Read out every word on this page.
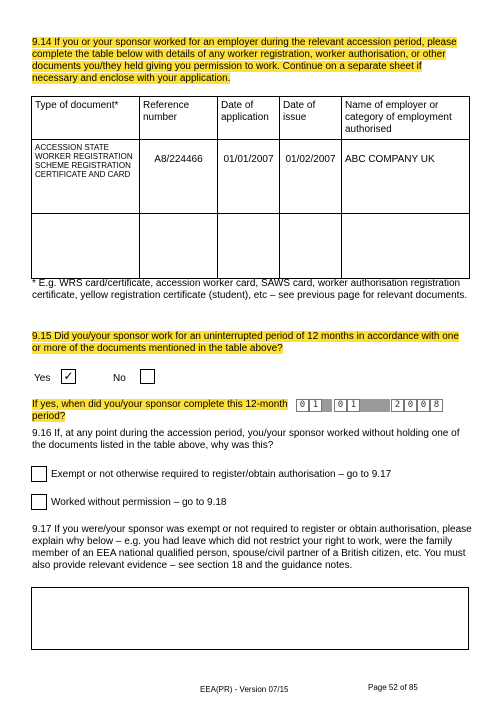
9.14 If you or your sponsor worked for an employer during the relevant accession period, please complete the table below with details of any worker registration, worker authorisation, or other documents you/they held giving you permission to work. Continue on a separate sheet if necessary and enclose with your application.
Type of document*	Reference number	Date of application	Date of issue	Name of employer or category of employment authorised
ACCESSION STATE WORKER REGISTRATION SCHEME REGISTRATION CERTIFICATE AND CARD	A8/224466	01/01/2007	01/02/2007	ABC COMPANY UK

* E.g. WRS card/certificate, accession worker card, SAWS card, worker authorisation registration certificate, yellow registration certificate (student), etc – see previous page for relevant documents.
9.15 Did you/your sponsor work for an uninterrupted period of 12 months in accordance with one or more of the documents mentioned in the table above?
Yes ✓	No
If yes, when did you/your sponsor complete this 12-month period?
0 1	0 1	2 0 0 8
9.16 If, at any point during the accession period, you/your sponsor worked without holding one of the documents listed in the table above, why was this?
Exempt or not otherwise required to register/obtain authorisation – go to 9.17
Worked without permission – go to 9.18
9.17 If you were/your sponsor was exempt or not required to register or obtain authorisation, please explain why below – e.g. you had leave which did not restrict your right to work, were the family member of an EEA national qualified person, spouse/civil partner of a British citizen, etc. You must also provide relevant evidence – see section 18 and the guidance notes.
EEA(PR) - Version 07/15	Page 52 of 85
